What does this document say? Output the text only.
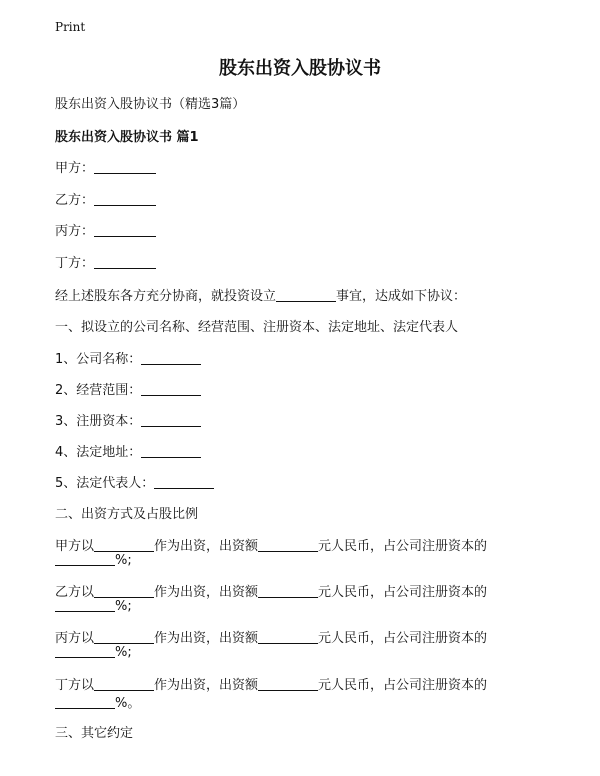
Print
股东出资入股协议书
股东出资入股协议书（精选3篇）
股东出资入股协议书 篇1
甲方：
乙方：
丙方：
丁方：
经上述股东各方充分协商，就投资设立	事宜，达成如下协议：
一、拟设立的公司名称、经营范围、注册资本、法定地址、法定代表人
1、公司名称：
2、经营范围：
3、注册资本：
4、法定地址：
5、法定代表人：
二、出资方式及占股比例
甲方以	作为出资，出资额	元人民币，占公司注册资本的
%;
乙方以	作为出资，出资额	元人民币，占公司注册资本的
%;
丙方以	作为出资，出资额	元人民币，占公司注册资本的
%;
丁方以	作为出资，出资额	元人民币，占公司注册资本的
%。
三、其它约定
